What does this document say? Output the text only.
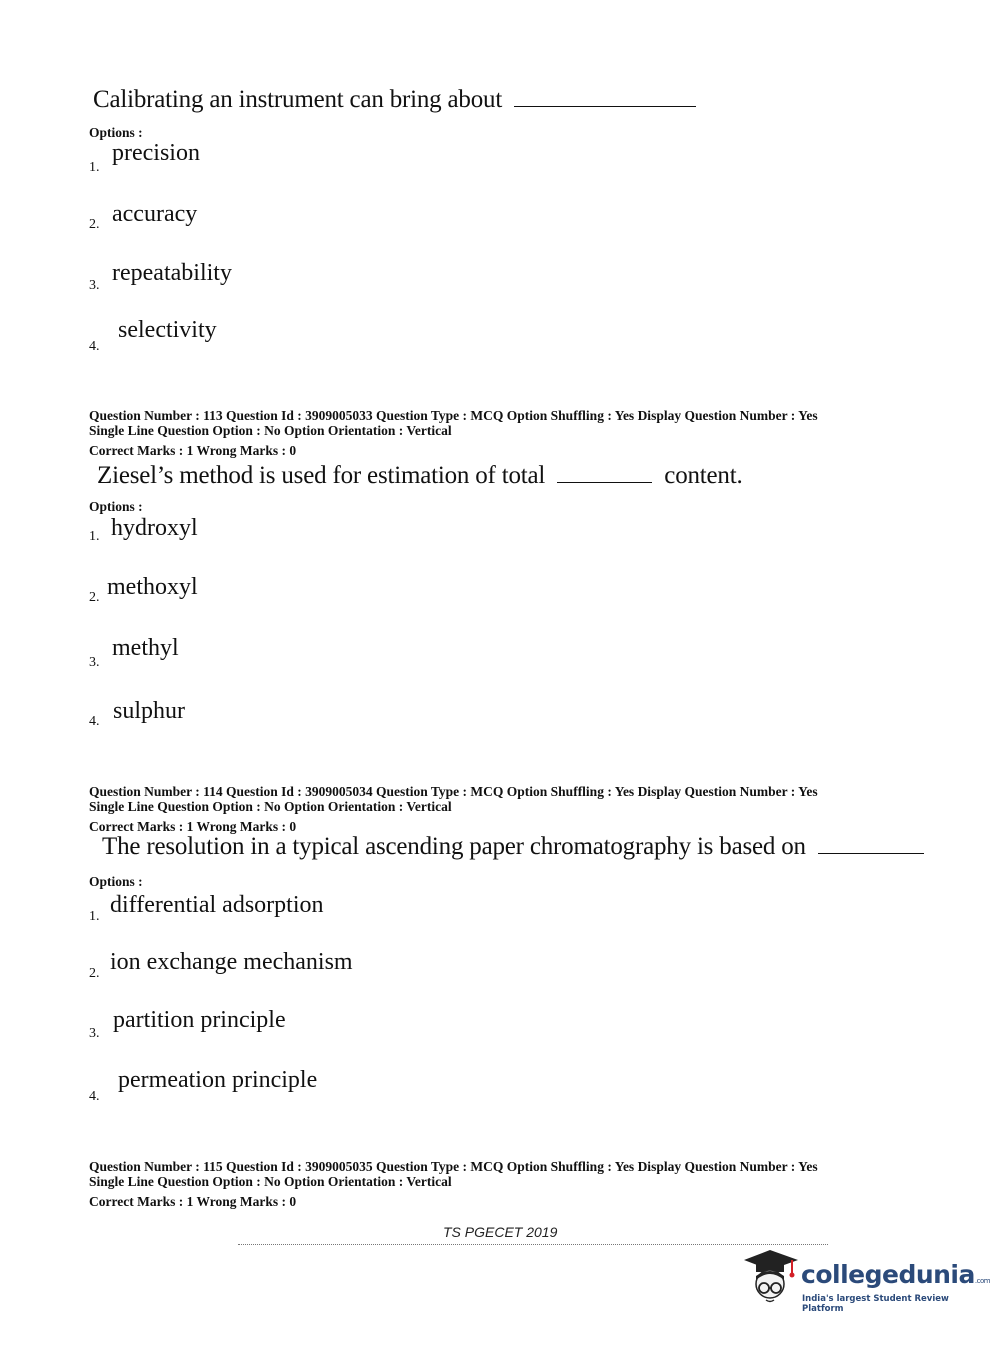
Calibrating an instrument can bring about
Options :
1.
precision
2. accuracy
3. repeatability
4.
selectivity
Question Number : 113 Question Id : 3909005033 Question Type : MCQ Option Shuffling : Yes Display Question Number : Yes
Single Line Question Option : No Option Orientation : Vertical
Correct Marks : 1 Wrong Marks : 0
Ziesel’s method is used for estimation of total	content.
Options :
1. hydroxyl
2. methoxyl
3.
methyl
4. sulphur
Question Number : 114 Question Id : 3909005034 Question Type : MCQ Option Shuffling : Yes Display Question Number : Yes
Single Line Question Option : No Option Orientation : Vertical
Correct Marks : 1 Wrong Marks : 0
The resolution in a typical ascending paper chromatography is based on
Options :
1. differential adsorption
2. ion exchange mechanism
3.
partition principle
4.
permeation principle
Question Number : 115 Question Id : 3909005035 Question Type : MCQ Option Shuffling : Yes Display Question Number : Yes
Single Line Question Option : No Option Orientation : Vertical
Correct Marks : 1 Wrong Marks : 0
TS PGECET 2019
collegedunia.com
India's largest Student Review Platform
